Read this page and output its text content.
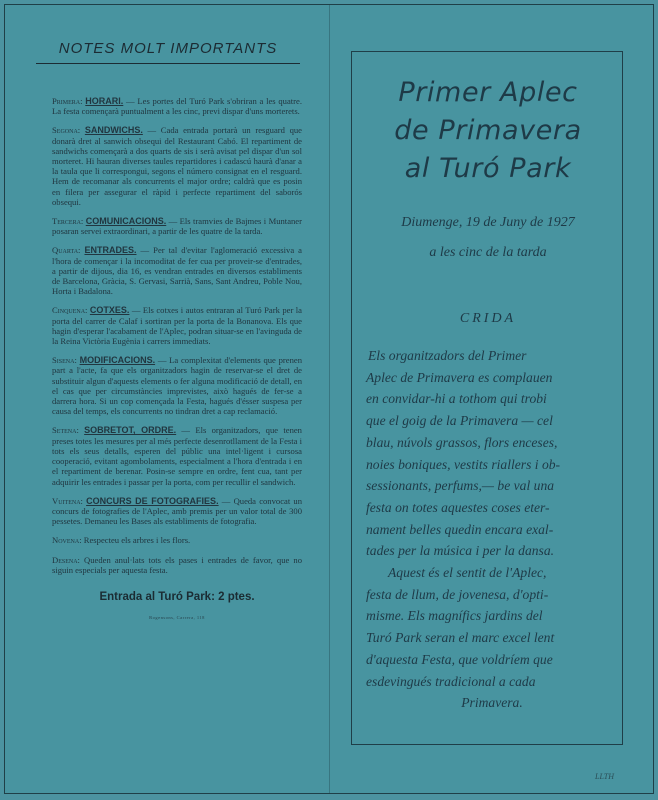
NOTES MOLT IMPORTANTS
Primera: HORARI. — Les portes del Turó Park s'obriran a les quatre. La festa començarà puntualment a les cinc, previ dispar d'uns morterets.
Segona: SANDWICHS. — Cada entrada portarà un resguard que donarà dret al sanwich obsequi del Restaurant Cabó. El repartiment de sandwichs començarà a dos quarts de sis i serà avisat pel dispar d'un sol morteret. Hi hauran diverses taules repartidores i cadascú haurà d'anar a la taula que li correspongui, segons el número consignat en el resguard. Hem de recomanar als concurrents el major ordre; caldrà que es posin en filera per assegurar el ràpid i perfecte repartiment del saborós obsequi.
Tercera: COMUNICACIONS. — Els tramvies de Bajmes i Muntaner posaran servei extraordinari, a partir de les quatre de la tarda.
Quarta: ENTRADES. — Per tal d'evitar l'aglomeració excessiva a l'hora de començar i la incomoditat de fer cua per proveir-se d'entrades, a partir de dijous, dia 16, es vendran entrades en diversos establiments de Barcelona, Gràcia, S. Gervasi, Sarrià, Sans, Sant Andreu, Poble Nou, Horta i Badalona.
Cinquena: COTXES. — Els cotxes i autos entraran al Turó Park per la porta del carrer de Calaf i sortiran per la porta de la Bonanova. Els que hagin d'esperar l'acabament de l'Aplec, podran situar-se en l'avinguda de la Reina Victòria Eugènia i carrers immediats.
Sisena: MODIFICACIONS. — La complexitat d'elements que prenen part a l'acte, fa que els organitzadors hagin de reservar-se el dret de substituir algun d'aquests elements o fer alguna modificació de detall, en el cas que per circumstàncies imprevistes, això hagués de fer-se a darrera hora. Si un cop començada la Festa, hagués d'ésser suspesa per causa del temps, els concurrents no tindran dret a cap reclamació.
Setena: SOBRETOT, ORDRE. — Els organitzadors, que tenen preses totes les mesures per al més perfecte desenrotllament de la Festa i tots els seus detalls, esperen del públic una intel·ligent i cursosa cooperació, evitant agombolaments, especialment a l'hora d'entrada i en el repartiment de berenar. Posin-se sempre en ordre, fent cua, tant per adquirir les entrades i passar per la porta, com per recullir el sandwich.
Vuitena: CONCURS DE FOTOGRAFIES. — Queda convocat un concurs de fotografies de l'Aplec, amb premis per un valor total de 300 pessetes. Demaneu les Bases als establiments de fotografia.
Novena: Respecteu els arbres i les flors.
Desena: Queden anul·lats tots els pases i entrades de favor, que no siguin especials per aquesta festa.
Entrada al Turó Park: 2 ptes.
Rogensons, Carrera, 118
Primer Aplec
de Primavera
al Turó Park
Diumenge, 19 de Juny de 1927
a les cinc de la tarda
CRIDA
Els organitzadors del Primer
Aplec de Primavera es complauen
en convidar-hi a tothom qui trobi
que el goig de la Primavera — cel
blau, núvols grassos, flors enceses,
noies boniques, vestits riallers i ob-
sessionants, perfums,— be val una
festa on totes aquestes coses eter-
nament belles quedin encara exal-
tades per la música i per la dansa.
Aquest és el sentit de l'Aplec,
festa de llum, de jovenesa, d'opti-
misme. Els magnífics jardins del
Turó Park seran el marc excel lent
d'aquesta Festa, que voldríem que
esdevingués tradicional a cada
Primavera.
LLTH
